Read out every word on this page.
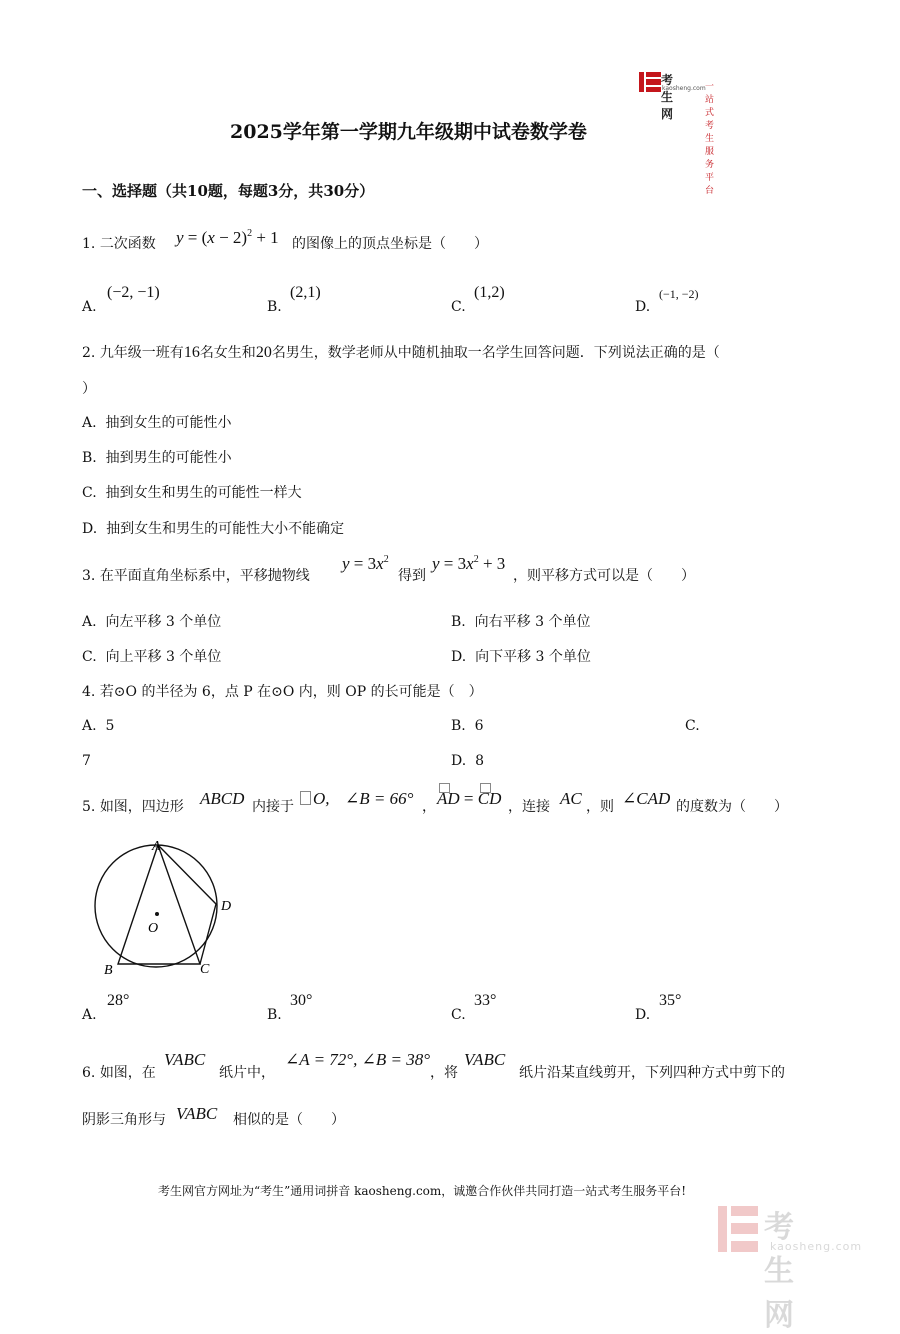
考生网
kaosheng.com 一站式考生服务平台
2025学年第一学期九年级期中试卷数学卷
一、选择题（共10题，每题3分，共30分）
1. 二次函数 $y = (x - 2)^2 + 1$ 的图像上的顶点坐标是（　　）
A.
(−2, −1)
B.
(2,1)
C.
(1,2)
D.
(−1, −2)
2. 九年级一班有16名女生和20名男生，数学老师从中随机抽取一名学生回答问题．下列说法正确的是（
）
A. 抽到女生的可能性小
B. 抽到男生的可能性小
C. 抽到女生和男生的可能性一样大
D. 抽到女生和男生的可能性大小不能确定
3. 在平面直角坐标系中，平移抛物线
$y = 3x^2$
得到
$y = 3x^2 + 3$
，则平移方式可以是（　　）
A. 向左平移 3 个单位	B. 向右平移 3 个单位
C. 向上平移 3 个单位	D. 向下平移 3 个单位
4. 若⊙O 的半径为 6，点 P 在⊙O 内，则 OP 的长可能是（　）
A. 5	B. 6	C.
7	D. 8
5. 如图，四边形 ABCD 内接于	O, ∠B = 66° ， AD = CD ，连接 AC ，则 ∠CAD 的度数为（　　）
A
B	C
D
O
A.
28°
B.
30°
C.
33°
D.
35°
6. 如图，在
VABC
纸片中，
∠A = 72°, ∠B = 38°
，将
VABC
纸片沿某直线剪开，下列四种方式中剪下的
阴影三角形与 VABC 相似的是（　　）
考生网官方网址为“考生”通用词拼音 kaosheng.com，诚邀合作伙伴共同打造一站式考生服务平台!
考生网
kaosheng.com
